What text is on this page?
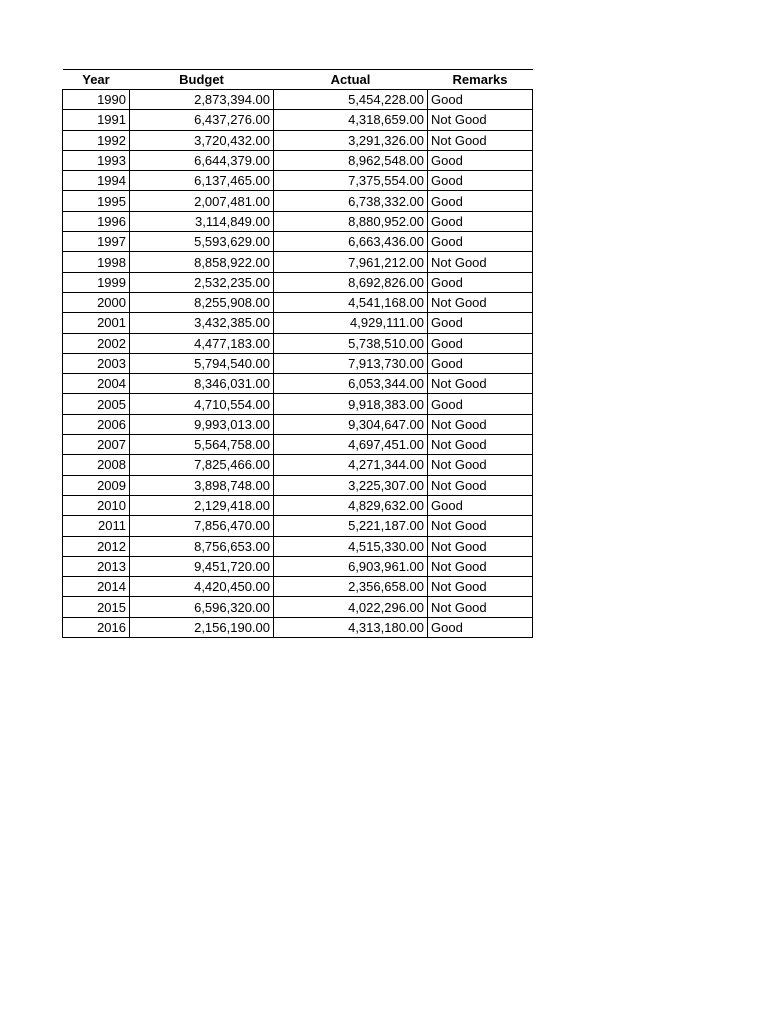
Year	Budget	Actual	Remarks
1990	2,873,394.00	5,454,228.00	Good
1991	6,437,276.00	4,318,659.00	Not Good
1992	3,720,432.00	3,291,326.00	Not Good
1993	6,644,379.00	8,962,548.00	Good
1994	6,137,465.00	7,375,554.00	Good
1995	2,007,481.00	6,738,332.00	Good
1996	3,114,849.00	8,880,952.00	Good
1997	5,593,629.00	6,663,436.00	Good
1998	8,858,922.00	7,961,212.00	Not Good
1999	2,532,235.00	8,692,826.00	Good
2000	8,255,908.00	4,541,168.00	Not Good
2001	3,432,385.00	4,929,111.00	Good
2002	4,477,183.00	5,738,510.00	Good
2003	5,794,540.00	7,913,730.00	Good
2004	8,346,031.00	6,053,344.00	Not Good
2005	4,710,554.00	9,918,383.00	Good
2006	9,993,013.00	9,304,647.00	Not Good
2007	5,564,758.00	4,697,451.00	Not Good
2008	7,825,466.00	4,271,344.00	Not Good
2009	3,898,748.00	3,225,307.00	Not Good
2010	2,129,418.00	4,829,632.00	Good
2011	7,856,470.00	5,221,187.00	Not Good
2012	8,756,653.00	4,515,330.00	Not Good
2013	9,451,720.00	6,903,961.00	Not Good
2014	4,420,450.00	2,356,658.00	Not Good
2015	6,596,320.00	4,022,296.00	Not Good
2016	2,156,190.00	4,313,180.00	Good
